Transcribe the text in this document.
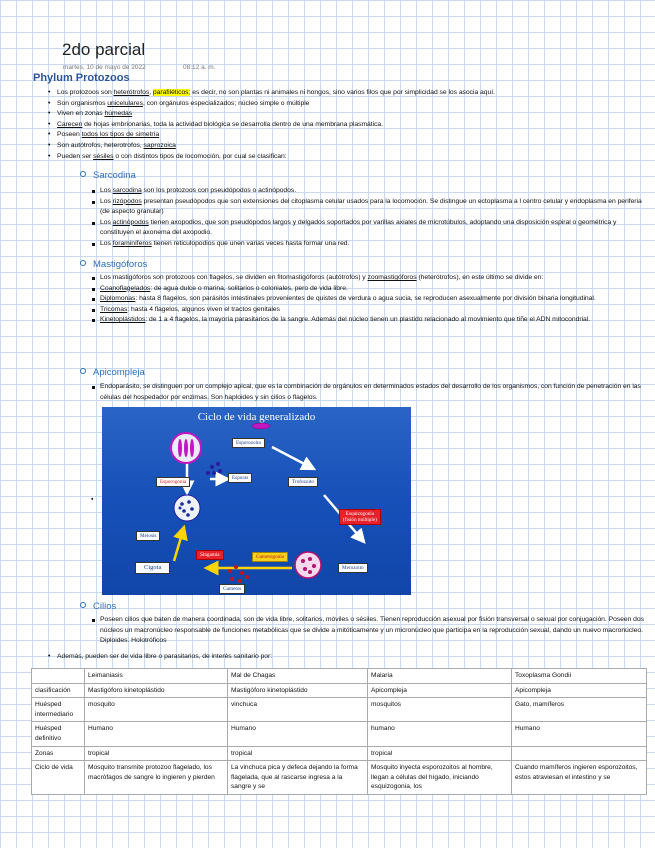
2do parcial
martes, 10 de mayo de 2022	08:12 a. m.
Phylum Protozoos
• Los protozoos son heterótrofos, parafiléticos; es decir, no son plantas ni animales ni hongos, sino varios filos que por simplicidad se los asocia aquí.
• Son organismos unicelulares, con orgánulos especializados; núcleo simple o múltiple
• Viven en zonas húmedas
• Carecen de hojas embrionarias, toda la actividad biológica se desarrolla dentro de una membrana plasmática.
• Poseen todos los tipos de simetría
• Son autótrofos, heterotrofos, saprozoica
• Pueden ser sésiles o con distintos tipos de locomoción, por cual se clasifican:
Sarcodina
Los sarcodina son los protozoos con pseudópodos o actinópodos.
Los rizópodos presentan pseudópodos que son extensiones del citoplasma celular usados para la locomoción. Se distingue un ectoplasma a l centro celular y endoplasma en periferia (de aspecto granular)
Los actinópodos tienen axopodios, que son pseudópodos largos y delgados soportados por varillas axiales de microtúbulos, adoptando una disposición espiral o geométrica y constituyen el axonema del axopodio.
Los foraminíferos tienen reticulopodios que unen varias veces hasta formar una red.
Mastigóforos
Los mastigóforos son protozoos con flagelos, se dividen en fitomastigóforos (autótrofos) y zoomastigóforos (heterótrofos), en este último se divide en:
Coanoflagelados: de agua dulce o marina, solitarios o coloniales, pero de vida libre.
Diplomonas: hasta 8 flagelos, son parásitos intestinales provenientes de quistes de verdura o agua sucia, se reproducen asexualmente por división binaria longitudinal.
Tricomas: hasta 4 flagelos, algunos viven el tractos genitales
Kinetoplástidos: de 1 a 4 flagelos, la mayoría parasitarios de la sangre. Además del núcleo tienen un plastido relacionado al movimiento que tiñe el ADN mitocondrial.
Apicompleja
Endoparásito, se distinguen por un complejo apical, que es la combinación de orgánulos en determinados estados del desarrollo de los organismos, con función de penetración en las células del hospedador por enzimas. Son haploides y sin cilios o flagelos.
▪
Ciclo de vida generalizado
Esporozoito
Esporogonia
Esporas
Trofozoito
Meiosis
Esquizogonia
(fisión múltiple)
Singamia	Gametogonia
Cigota	Merozoito
Gametos
Cilios
Poseen cilios que baten de manera coordinada, son de vida libre, solitarios, móviles o sésiles. Tienen reproducción asexual por fisión transversal o sexual por conjugación. Poseen dos núcleos un macronúcleo responsable de funciones metabólicas que se divide a mitóticamente y un micronúcleo que participa en la reproducción sexual, dando un nuevo macronúcleo. Diploides. Holotróficos
• Además, pueden ser de vida libre o parasitarios, de interés sanitario por:
	Leimaniasis	Mal de Chagas	Malaria	Toxoplasma Gondii
clasificación	Mastigóforo kinetoplástido	Mastigóforo kinetoplástido	Apicompleja	Apicompleja
Huésped intermediario	mosquito	vinchuca	mosquitos	Gato, mamíferos
Huésped definitivo	Humano	Humano	humano	Humano
Zonas	tropical	tropical	tropical	
Ciclo de vida	Mosquito transmite protozoo flagelado, los macrófagos de sangre lo ingieren y pierden	La vinchuca pica y defeca dejando la forma flagelada, que al rascarse ingresa a la sangre y se	Mosquito inyecta esporozoitos al hombre, llegan a células del hígado, iniciando esquizogonia, los	Cuando mamíferos ingieren esporozoitos, estos atraviesan el intestino y se
